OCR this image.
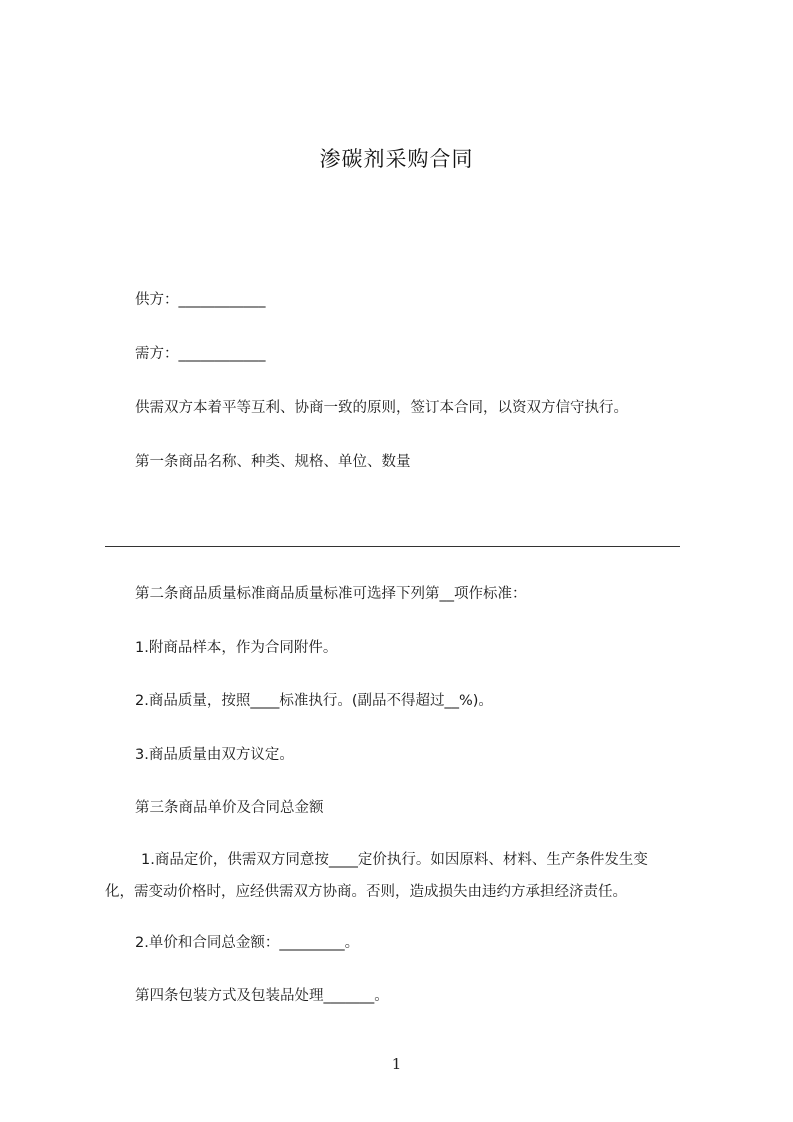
渗碳剂采购合同
供方：____________
需方：____________
供需双方本着平等互利、协商一致的原则，签订本合同，以资双方信守执行。
第一条商品名称、种类、规格、单位、数量
第二条商品质量标准商品质量标准可选择下列第__项作标准：
1.附商品样本，作为合同附件。
2.商品质量，按照____标准执行。(副品不得超过__%)。
3.商品质量由双方议定。
第三条商品单价及合同总金额
1.商品定价，供需双方同意按____定价执行。如因原料、材料、生产条件发生变化，需变动价格时，应经供需双方协商。否则，造成损失由违约方承担经济责任。
2.单价和合同总金额：_________。
第四条包装方式及包装品处理_______。
1
